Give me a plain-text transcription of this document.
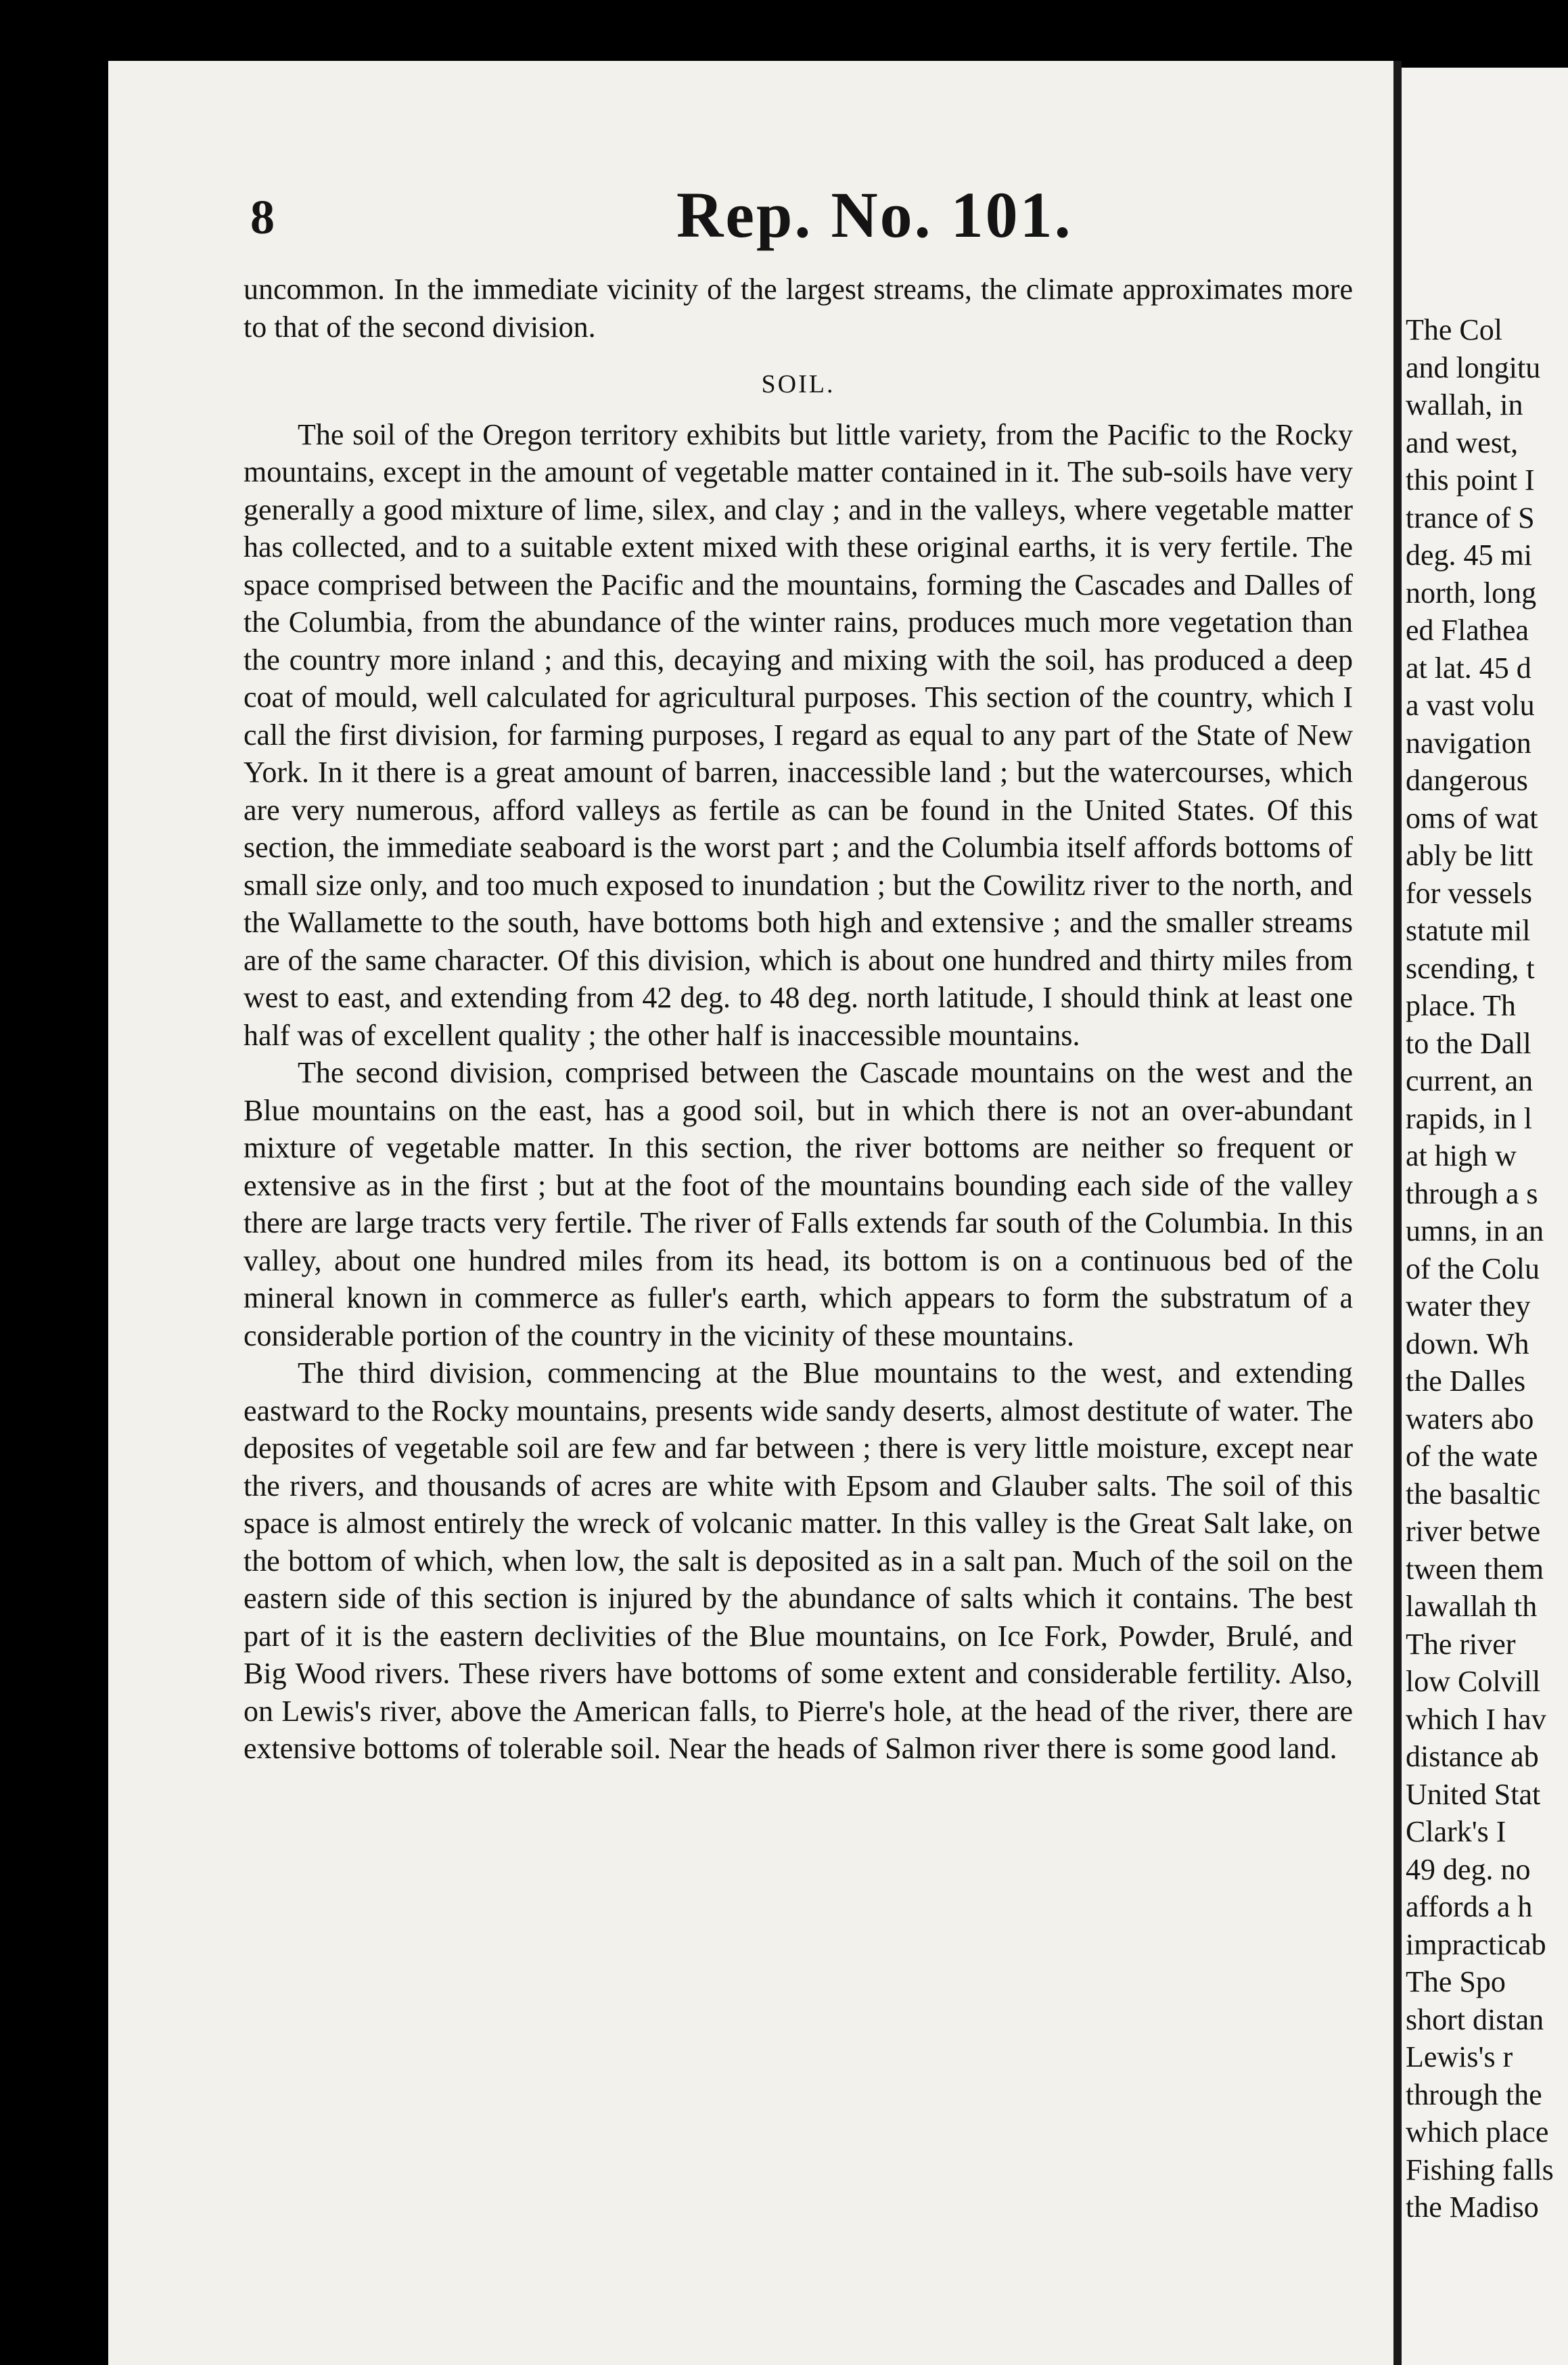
8	Rep. No. 101.

uncommon. In the immediate vicinity of the largest streams, the climate approximates more to that of the second division.

SOIL.

The soil of the Oregon territory exhibits but little variety, from the Pacific to the Rocky mountains, except in the amount of vegetable matter contained in it. The sub-soils have very generally a good mixture of lime, silex, and clay ; and in the valleys, where vegetable matter has collected, and to a suitable extent mixed with these original earths, it is very fertile. The space comprised between the Pacific and the mountains, forming the Cascades and Dalles of the Columbia, from the abundance of the winter rains, produces much more vegetation than the country more inland ; and this, decaying and mixing with the soil, has produced a deep coat of mould, well calculated for agricultural purposes. This section of the country, which I call the first division, for farming purposes, I regard as equal to any part of the State of New York. In it there is a great amount of barren, inaccessible land ; but the watercourses, which are very numerous, afford valleys as fertile as can be found in the United States. Of this section, the immediate seaboard is the worst part ; and the Columbia itself affords bottoms of small size only, and too much exposed to inundation ; but the Cowilitz river to the north, and the Wallamette to the south, have bottoms both high and extensive ; and the smaller streams are of the same character. Of this division, which is about one hundred and thirty miles from west to east, and extending from 42 deg. to 48 deg. north latitude, I should think at least one half was of excellent quality ; the other half is inaccessible mountains.

The second division, comprised between the Cascade mountains on the west and the Blue mountains on the east, has a good soil, but in which there is not an over-abundant mixture of vegetable matter. In this section, the river bottoms are neither so frequent or extensive as in the first ; but at the foot of the mountains bounding each side of the valley there are large tracts very fertile. The river of Falls extends far south of the Columbia. In this valley, about one hundred miles from its head, its bottom is on a continuous bed of the mineral known in commerce as fuller's earth, which appears to form the substratum of a considerable portion of the country in the vicinity of these mountains.

The third division, commencing at the Blue mountains to the west, and extending eastward to the Rocky mountains, presents wide sandy deserts, almost destitute of water. The deposites of vegetable soil are few and far between ; there is very little moisture, except near the rivers, and thousands of acres are white with Epsom and Glauber salts. The soil of this space is almost entirely the wreck of volcanic matter. In this valley is the Great Salt lake, on the bottom of which, when low, the salt is deposited as in a salt pan. Much of the soil on the eastern side of this section is injured by the abundance of salts which it contains. The best part of it is the eastern declivities of the Blue mountains, on Ice Fork, Powder, Brulé, and Big Wood rivers. These rivers have bottoms of some extent and considerable fertility. Also, on Lewis's river, above the American falls, to Pierre's hole, at the head of the river, there are extensive bottoms of tolerable soil. Near the heads of Salmon river there is some good land.

The Col
and longitu
wallah, in
and west,
this point I
trance of S
deg. 45 mi
north, long
ed Flathea
at lat. 45 d
a vast volu
navigation
dangerous
oms of wat
ably be litt
for vessels
statute mil
scending, t
place. Th
to the Dall
current, an
rapids, in l
at high w
through a s
umns, in an
of the Colu
water they
down. Wh
the Dalles
waters abo
of the wate
the basaltic
river betwe
tween them
lawallah th
The river
low Colvill
which I hav
distance ab
United Stat
Clark's I
49 deg. no
affords a h
impracticab
The Spo
short distan
Lewis's r
through the
which place
Fishing falls
the Madiso
